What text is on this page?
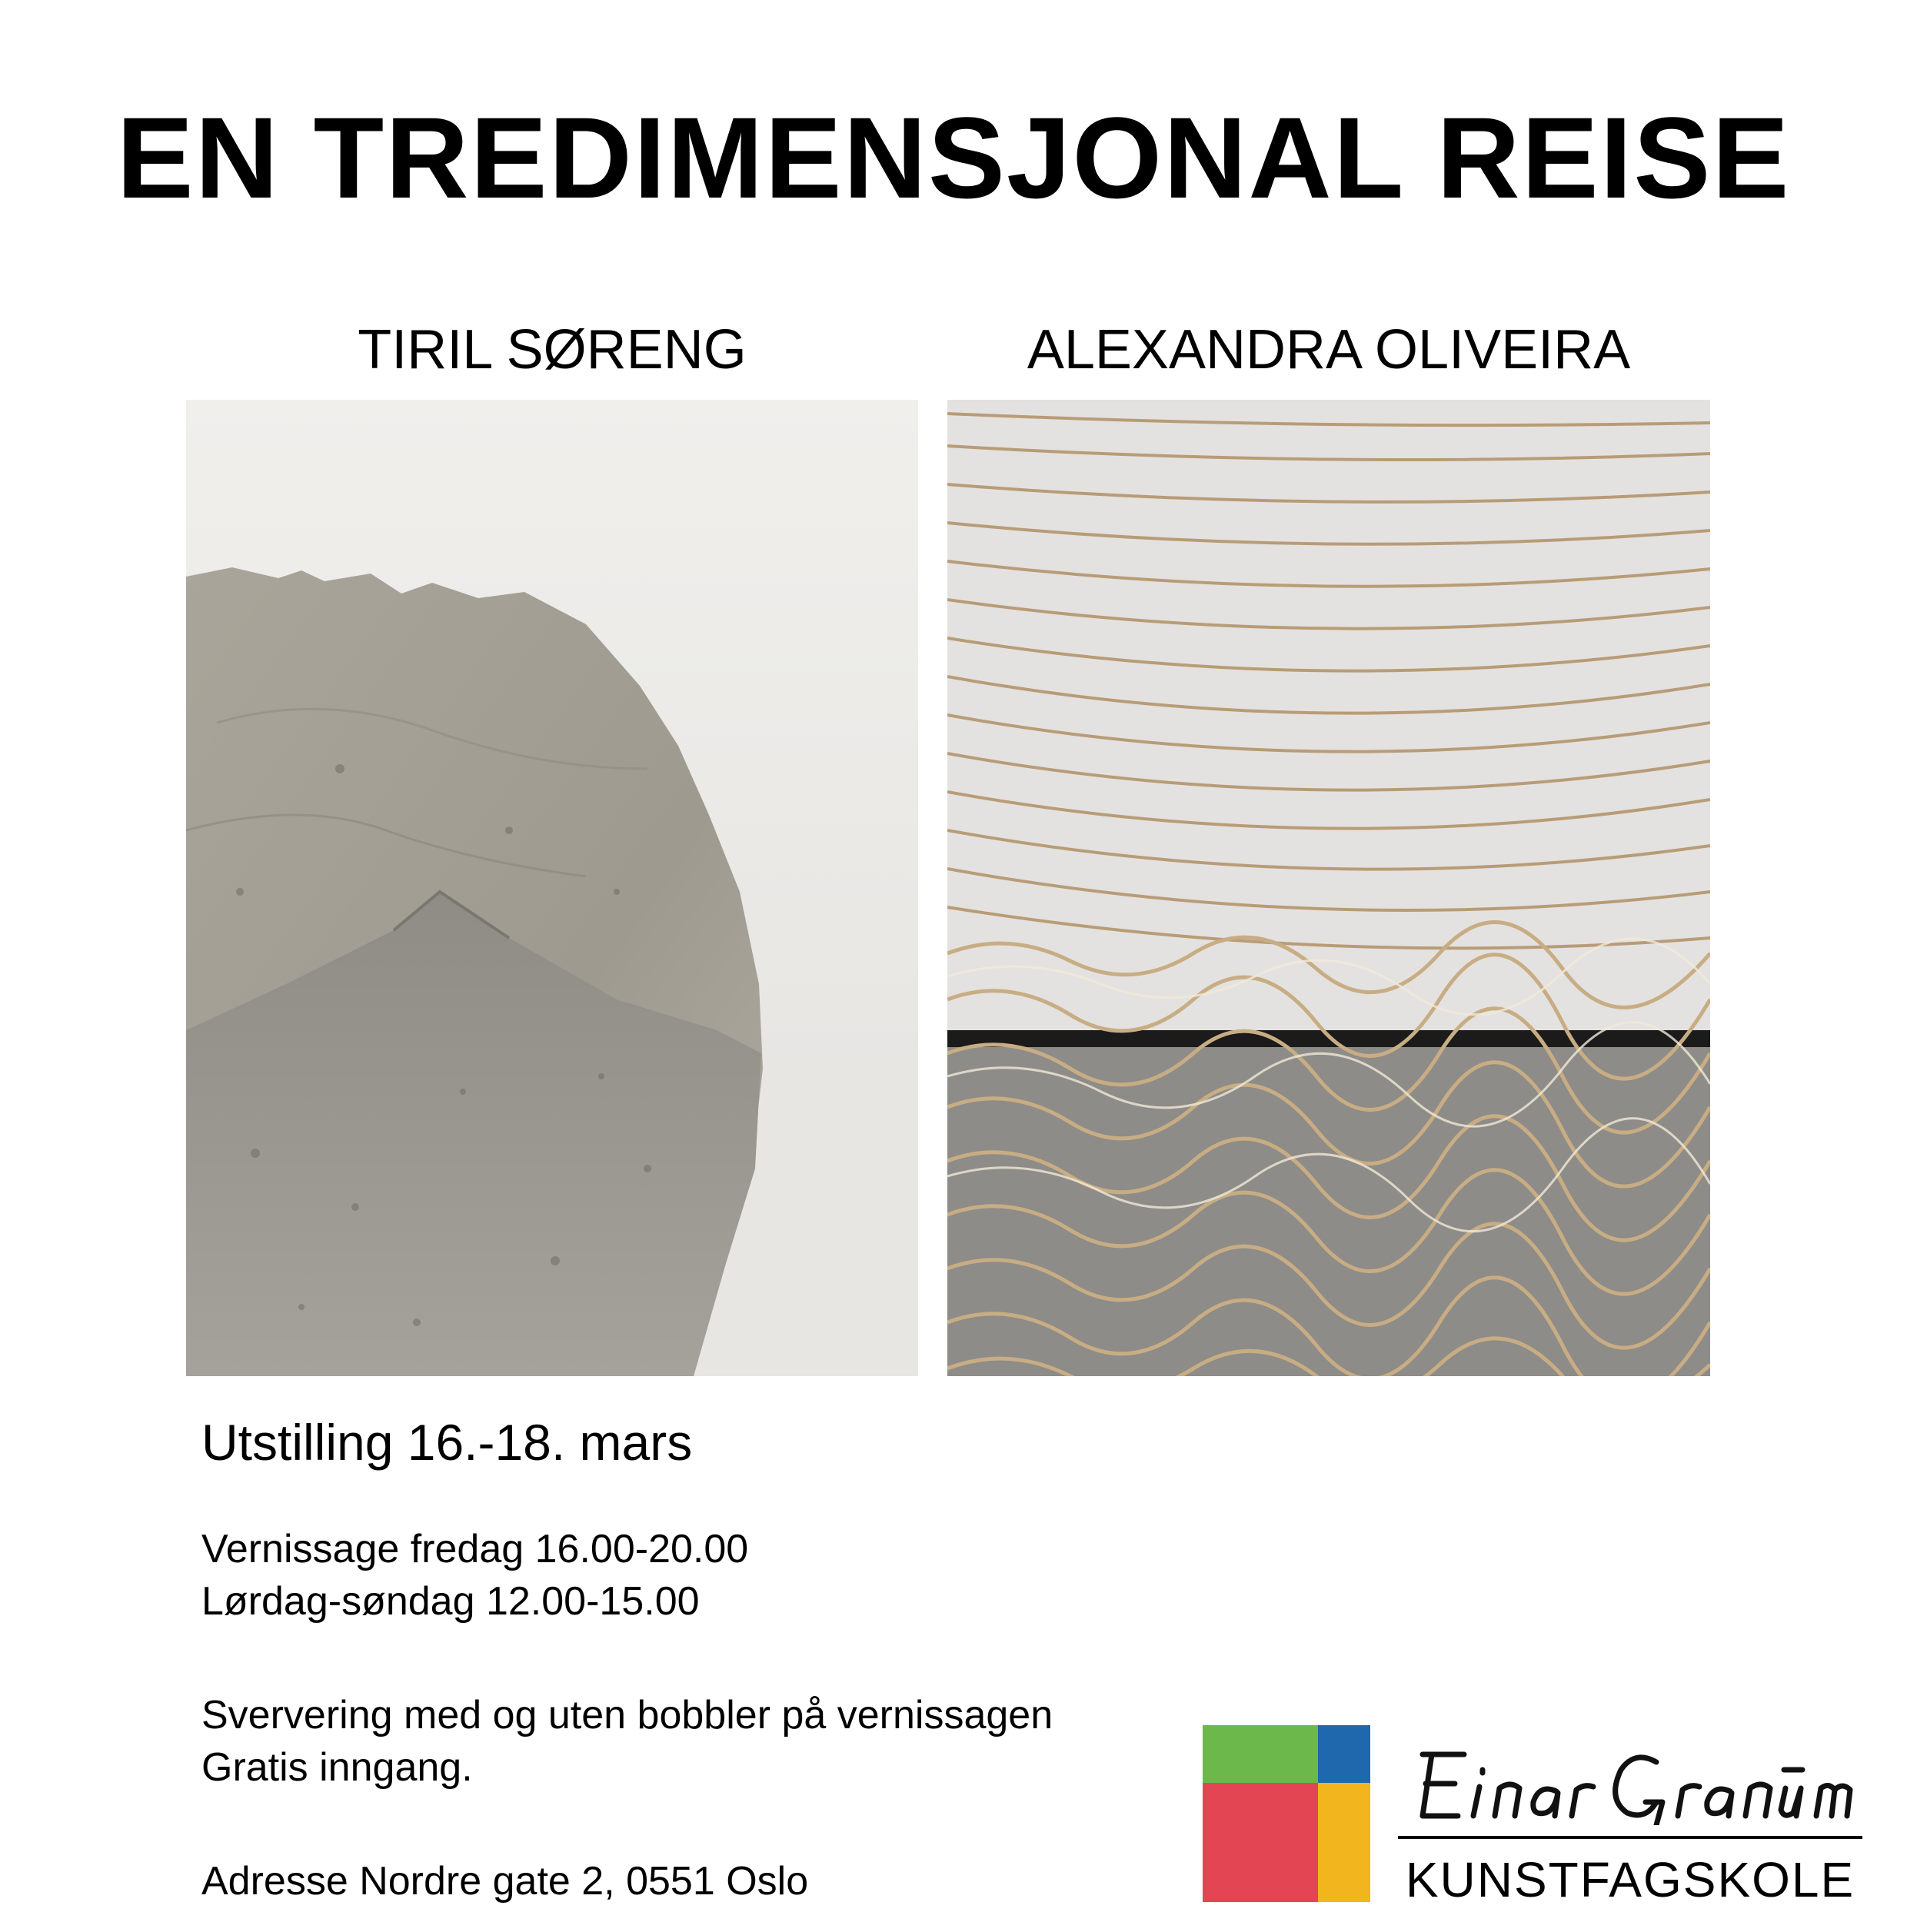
EN TREDIMENSJONAL REISE
TIRIL SØRENG	ALEXANDRA OLIVEIRA
Utstilling 16.-18. mars
Vernissage fredag 16.00-20.00
Lørdag-søndag 12.00-15.00
Sververing med og uten bobbler på vernissagen
Gratis inngang.
Adresse Nordre gate 2, 0551 Oslo	KUNSTFAGSKOLE
